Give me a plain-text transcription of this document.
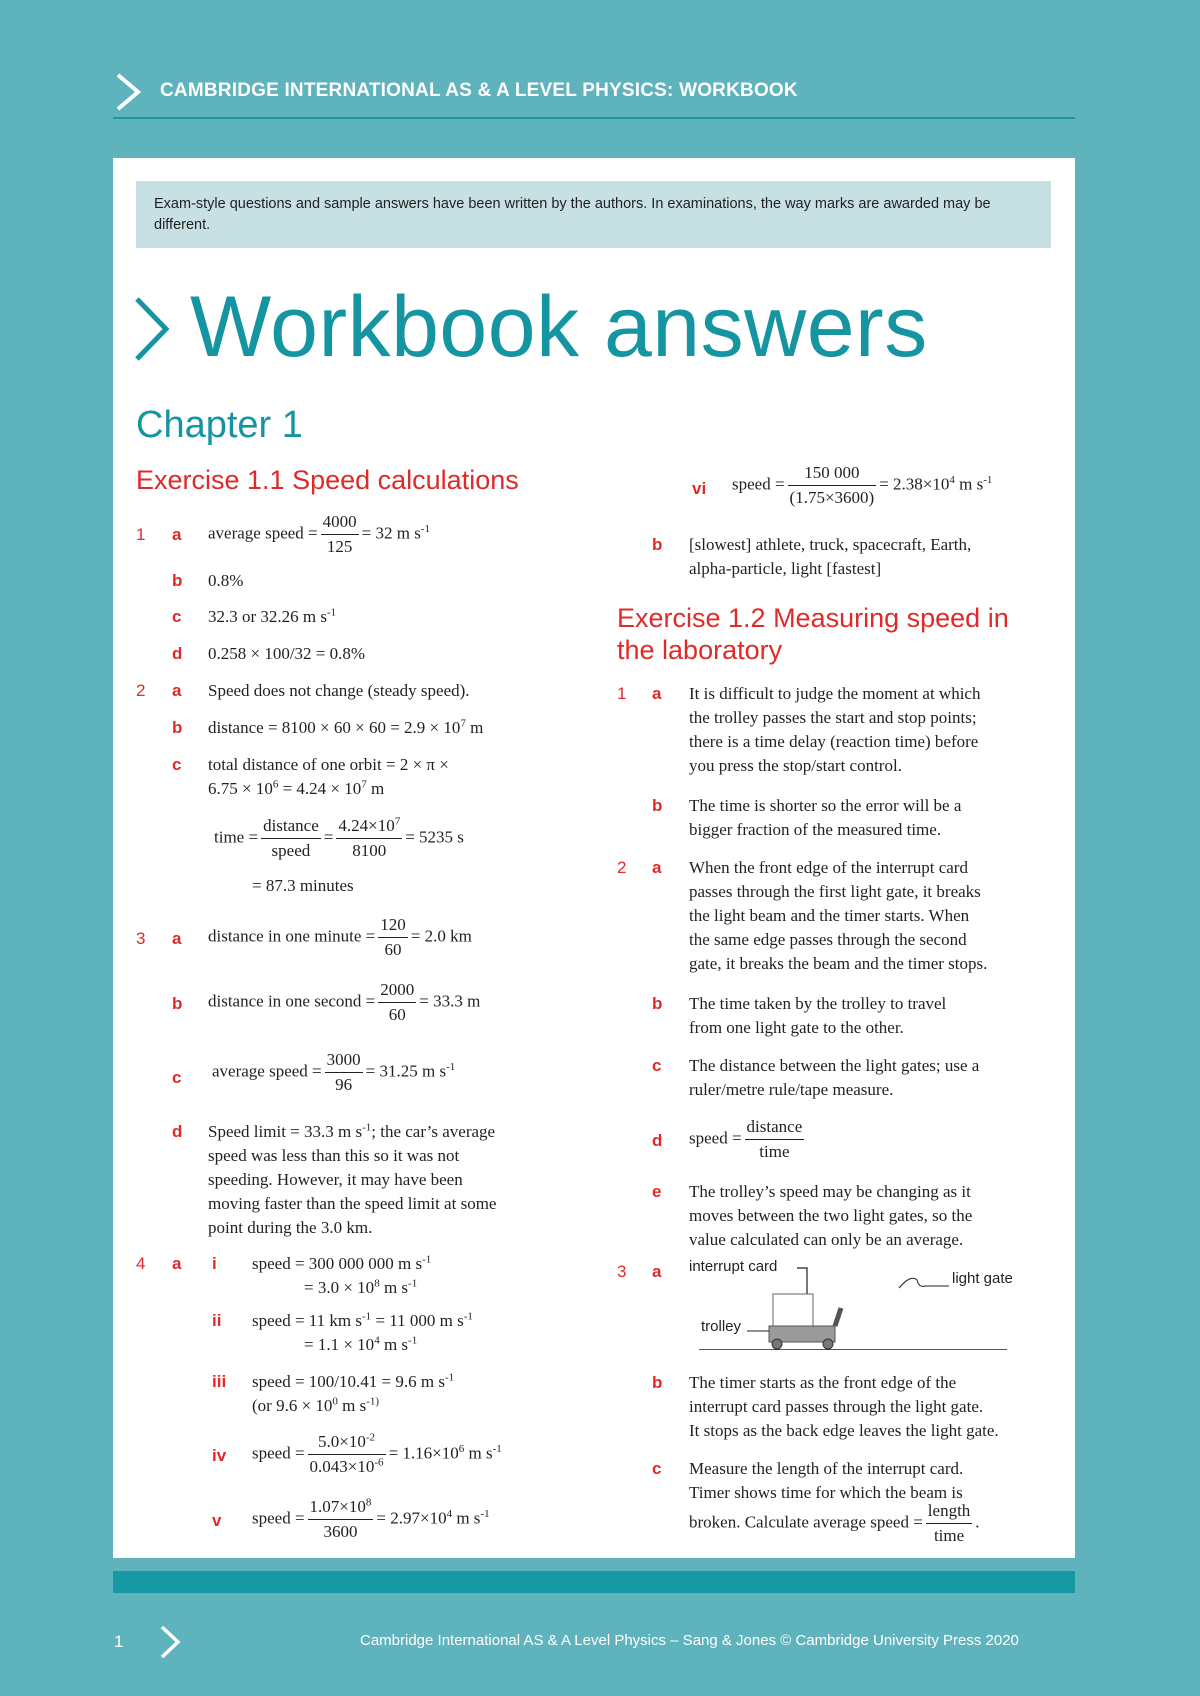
CAMBRIDGE INTERNATIONAL AS & A LEVEL PHYSICS: WORKBOOK
Exam-style questions and sample answers have been written by the authors. In examinations, the way marks are awarded may be different.
Workbook answers
Chapter 1
Exercise 1.1 Speed calculations
1 a average speed = $\frac{4000}{125} = 32$ m $s^{-1}$
b 0.8%
c 32.3 or 32.26 m $s^{-1}$
d 0.258 × 100/32 = 0.8%
2 a Speed does not change (steady speed).
b distance = $8100 \times 60 \times 60 = 2.9 \times 10^7$ m
c total distance of one orbit = 2 × π ×
$6.75 \times 10^6 = 4.24 \times 10^7$ m
time = $\frac{\text{distance}}{\text{speed}} = \frac{4.24\times 10^7}{8100} = 5235$ s
= 87.3 minutes
3 a distance in one minute = $\frac{120}{60} = 2.0$ km
b distance in one second = $\frac{2000}{60} = 33.3$ m
c average speed = $\frac{3000}{96} = 31.25$ m $s^{-1}$
d Speed limit = 33.3 m $s^{-1}$; the car’s average
speed was less than this so it was not
speeding. However, it may have been
moving faster than the speed limit at some
point during the 3.0 km.
4 a i speed = 300 000 000 m $s^{-1}$
= $3.0 \times 10^8$ m $s^{-1}$
ii speed = 11 km $s^{-1} = 11$ 000 m $s^{-1}$
= $1.1 \times 10^4$ m $s^{-1}$
iii speed = 100/10.41 = 9.6 m $s^{-1}$
(or $9.6 \times 10^0$ m $s^{-1)}$
iv speed = $\frac{5.0\times 10^{-2}}{0.043\times 10^{-6}} = 1.16\times 10^6$ m $s^{-1}$
v speed = $\frac{1.07\times 10^8}{3600} = 2.97\times 10^4$ m $s^{-1}$
vi speed = $\frac{150 000}{(1.75\times 3600)} = 2.38\times 10^4$ m $s^{-1}$
b [slowest] athlete, truck, spacecraft, Earth,
alpha-particle, light [fastest]
Exercise 1.2 Measuring speed in
the laboratory
1 a It is difficult to judge the moment at which
the trolley passes the start and stop points;
there is a time delay (reaction time) before
you press the stop/start control.
b The time is shorter so the error will be a
bigger fraction of the measured time.
2 a When the front edge of the interrupt card
passes through the first light gate, it breaks
the light beam and the timer starts. When
the same edge passes through the second
gate, it breaks the beam and the timer stops.
b The time taken by the trolley to travel
from one light gate to the other.
c The distance between the light gates; use a
ruler/metre rule/tape measure.
d speed = $\frac{\text{distance}}{\text{time}}$
e The trolley’s speed may be changing as it
moves between the two light gates, so the
value calculated can only be an average.
3 a interrupt card
light gate
trolley
b The timer starts as the front edge of the
interrupt card passes through the light gate.
It stops as the back edge leaves the light gate.
c Measure the length of the interrupt card.
Timer shows time for which the beam is
broken. Calculate average speed = $\frac{\text{length}}{\text{time}}$ .
1	Cambridge International AS & A Level Physics – Sang & Jones © Cambridge University Press 2020
